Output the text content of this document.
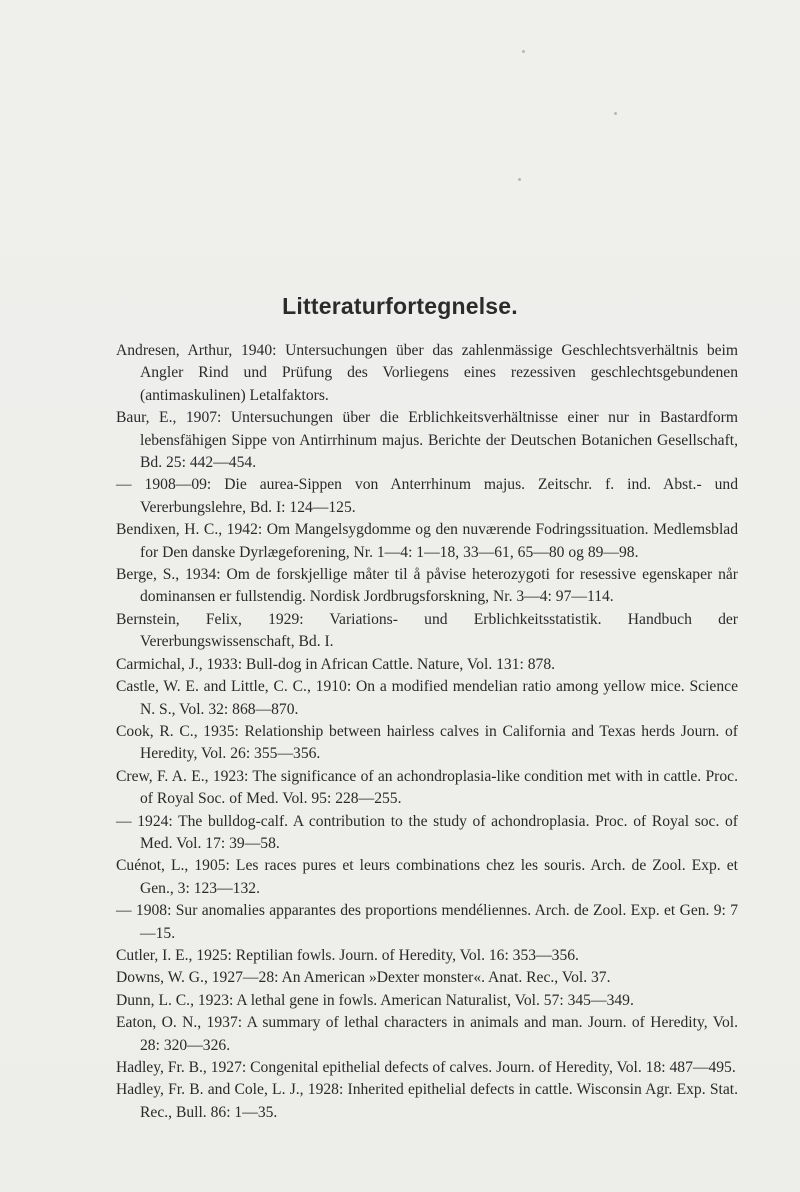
Litteraturfortegnelse.

Andresen, Arthur, 1940: Untersuchungen über das zahlenmässige Geschlechtsverhältnis beim Angler Rind und Prüfung des Vorliegens eines rezessiven geschlechtsgebundenen (antimaskulinen) Letalfaktors.

Baur, E., 1907: Untersuchungen über die Erblichkeitsverhältnisse einer nur in Bastardform lebensfähigen Sippe von Antirrhinum majus. Berichte der Deutschen Botanichen Gesellschaft, Bd. 25: 442—454.

— 1908—09: Die aurea-Sippen von Anterrhinum majus. Zeitschr. f. ind. Abst.- und Vererbungslehre, Bd. I: 124—125.

Bendixen, H. C., 1942: Om Mangelsygdomme og den nuværende Fodringssituation. Medlemsblad for Den danske Dyrlægeforening, Nr. 1—4: 1—18, 33—61, 65—80 og 89—98.

Berge, S., 1934: Om de forskjellige måter til å påvise heterozygoti for resessive egenskaper når dominansen er fullstendig. Nordisk Jordbrugsforskning, Nr. 3—4: 97—114.

Bernstein, Felix, 1929: Variations- und Erblichkeitsstatistik. Handbuch der Vererbungswissenschaft, Bd. I.

Carmichal, J., 1933: Bull-dog in African Cattle. Nature, Vol. 131: 878.

Castle, W. E. and Little, C. C., 1910: On a modified mendelian ratio among yellow mice. Science N. S., Vol. 32: 868—870.

Cook, R. C., 1935: Relationship between hairless calves in California and Texas herds Journ. of Heredity, Vol. 26: 355—356.

Crew, F. A. E., 1923: The significance of an achondroplasia-like condition met with in cattle. Proc. of Royal Soc. of Med. Vol. 95: 228—255.

— 1924: The bulldog-calf. A contribution to the study of achondroplasia. Proc. of Royal soc. of Med. Vol. 17: 39—58.

Cuénot, L., 1905: Les races pures et leurs combinations chez les souris. Arch. de Zool. Exp. et Gen., 3: 123—132.

— 1908: Sur anomalies apparantes des proportions mendéliennes. Arch. de Zool. Exp. et Gen. 9: 7—15.

Cutler, I. E., 1925: Reptilian fowls. Journ. of Heredity, Vol. 16: 353—356.

Downs, W. G., 1927—28: An American »Dexter monster«. Anat. Rec., Vol. 37.

Dunn, L. C., 1923: A lethal gene in fowls. American Naturalist, Vol. 57: 345—349.

Eaton, O. N., 1937: A summary of lethal characters in animals and man. Journ. of Heredity, Vol. 28: 320—326.

Hadley, Fr. B., 1927: Congenital epithelial defects of calves. Journ. of Heredity, Vol. 18: 487—495.

Hadley, Fr. B. and Cole, L. J., 1928: Inherited epithelial defects in cattle. Wisconsin Agr. Exp. Stat. Rec., Bull. 86: 1—35.
